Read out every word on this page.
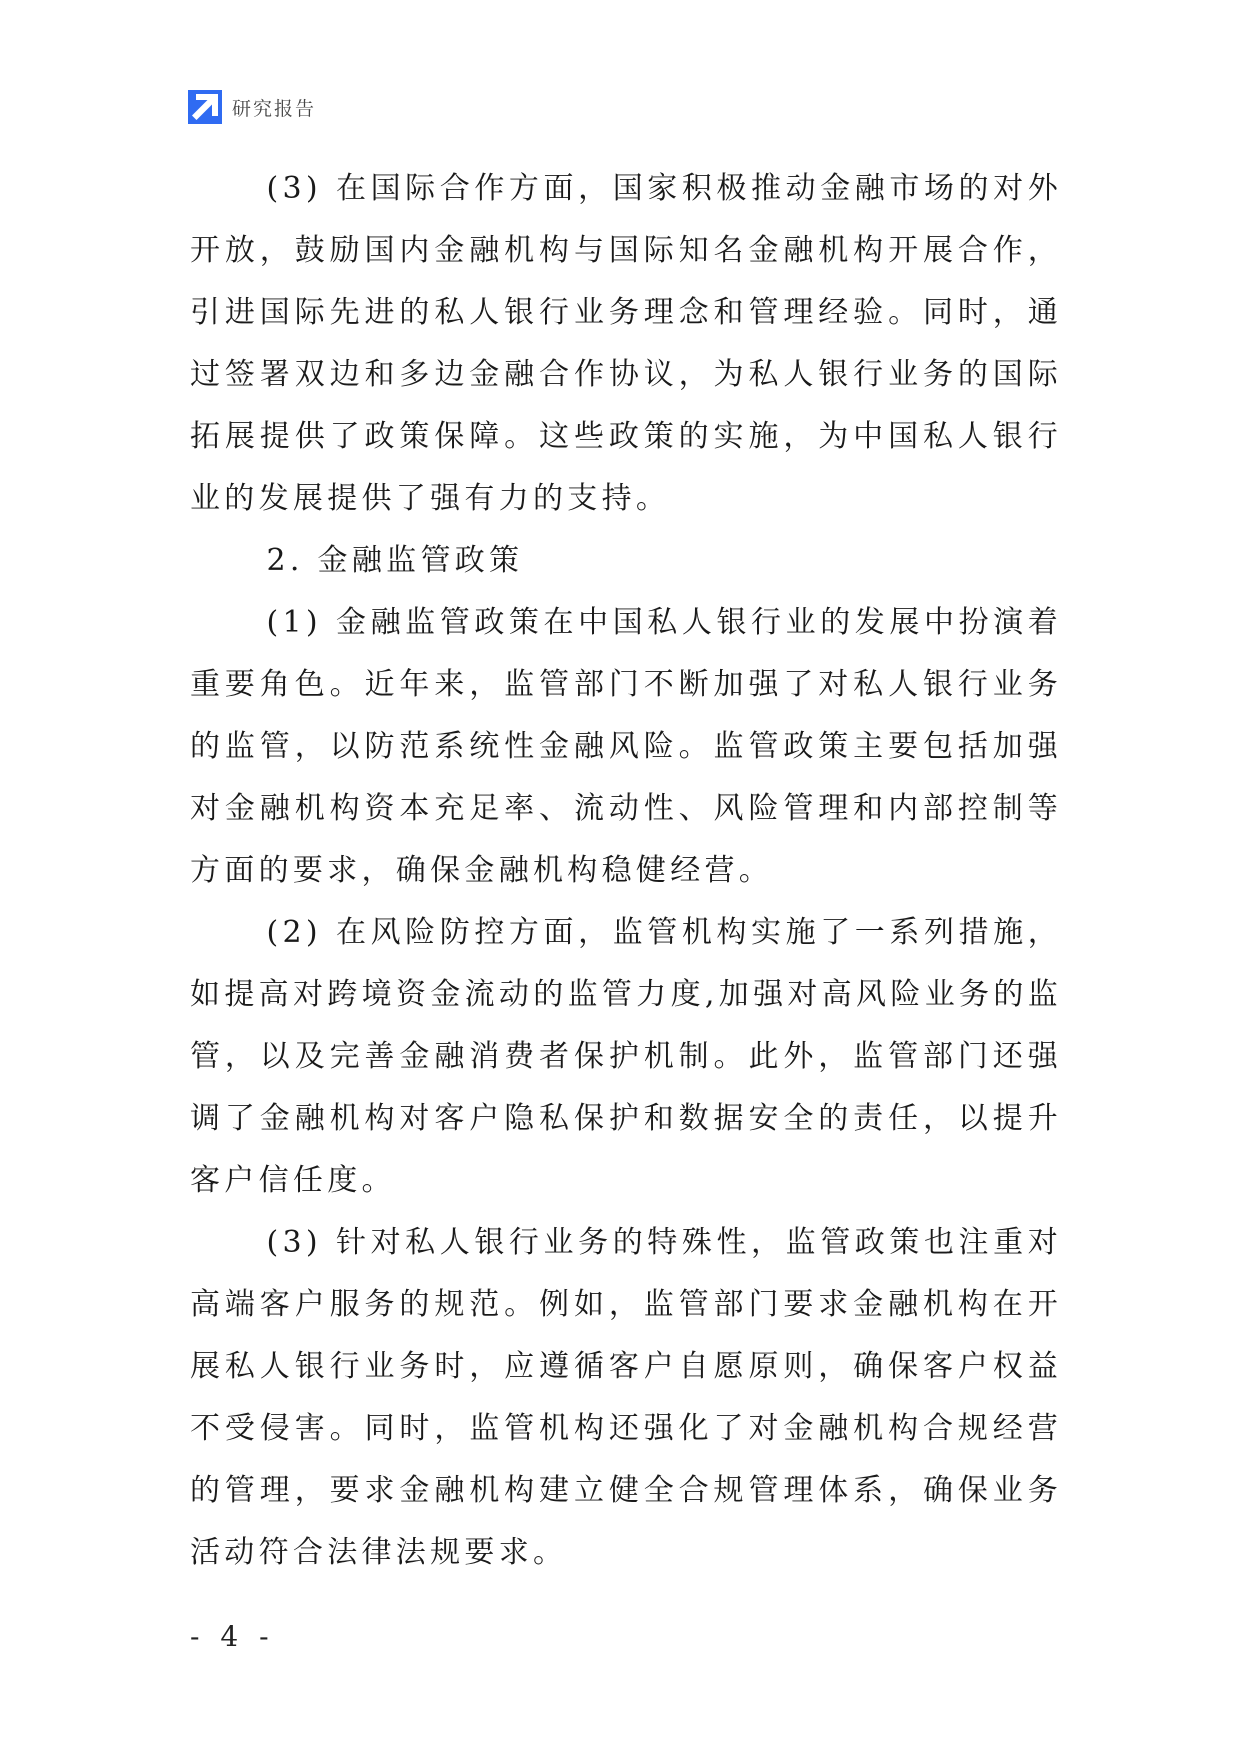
研究报告

(3) 在国际合作方面，国家积极推动金融市场的对外开放，鼓励国内金融机构与国际知名金融机构开展合作，引进国际先进的私人银行业务理念和管理经验。同时，通过签署双边和多边金融合作协议，为私人银行业务的国际拓展提供了政策保障。这些政策的实施，为中国私人银行业的发展提供了强有力的支持。

2. 金融监管政策

(1) 金融监管政策在中国私人银行业的发展中扮演着重要角色。近年来，监管部门不断加强了对私人银行业务的监管，以防范系统性金融风险。监管政策主要包括加强对金融机构资本充足率、流动性、风险管理和内部控制等方面的要求，确保金融机构稳健经营。

(2) 在风险防控方面，监管机构实施了一系列措施，如提高对跨境资金流动的监管力度,加强对高风险业务的监管，以及完善金融消费者保护机制。此外，监管部门还强调了金融机构对客户隐私保护和数据安全的责任，以提升客户信任度。

(3) 针对私人银行业务的特殊性，监管政策也注重对高端客户服务的规范。例如，监管部门要求金融机构在开展私人银行业务时，应遵循客户自愿原则，确保客户权益不受侵害。同时，监管机构还强化了对金融机构合规经营的管理，要求金融机构建立健全合规管理体系，确保业务活动符合法律法规要求。

- 4 -
